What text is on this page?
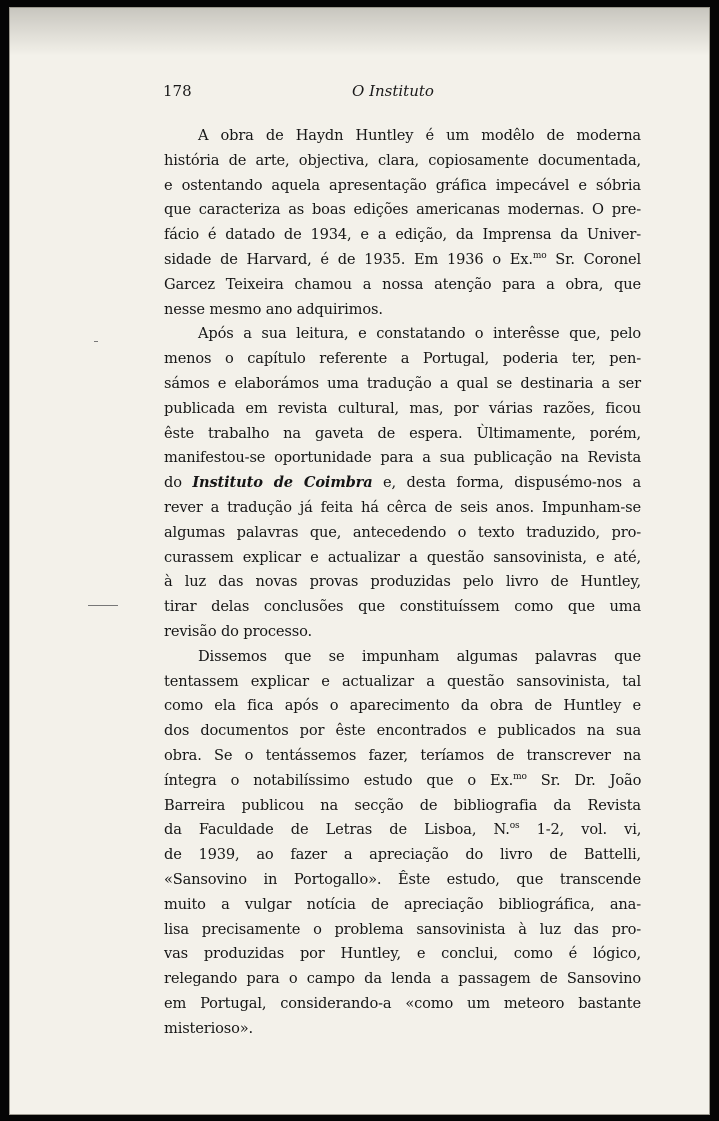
178	O Instituto
A obra de Haydn Huntley é um modêlo de moderna
história de arte, objectiva, clara, copiosamente documentada,
e ostentando aquela apresentação gráfica impecável e sóbria
que caracteriza as boas edições americanas modernas. O pre-
fácio é datado de 1934, e a edição, da Imprensa da Univer-
sidade de Harvard, é de 1935. Em 1936 o Ex.$^{mo}$ Sr. Coronel
Garcez Teixeira chamou a nossa atenção para a obra, que
nesse mesmo ano adquirimos.
Após a sua leitura, e constatando o interêsse que, pelo
menos o capítulo referente a Portugal, poderia ter, pen-
sámos e elaborámos uma tradução a qual se destinaria a ser
publicada em revista cultural, mas, por várias razões, ficou
êste trabalho na gaveta de espera. Ùltimamente, porém,
manifestou-se oportunidade para a sua publicação na Revista
do Instituto de Coimbra e, desta forma, dispusémo-nos a
rever a tradução já feita há cêrca de seis anos. Impunham-se
algumas palavras que, antecedendo o texto traduzido, pro-
curassem explicar e actualizar a questão sansovinista, e até,
à luz das novas provas produzidas pelo livro de Huntley,
tirar delas conclusões que constituíssem como que uma
revisão do processo.
Dissemos que se impunham algumas palavras que
tentassem explicar e actualizar a questão sansovinista, tal
como ela fica após o aparecimento da obra de Huntley e
dos documentos por êste encontrados e publicados na sua
obra. Se o tentássemos fazer, teríamos de transcrever na
íntegra o notabilíssimo estudo que o Ex.$^{mo}$ Sr. Dr. João
Barreira publicou na secção de bibliografia da Revista
da Faculdade de Letras de Lisboa, N.$^{os}$ 1-2, vol. vi,
de 1939, ao fazer a apreciação do livro de Battelli,
«Sansovino in Portogallo». Êste estudo, que transcende
muito a vulgar notícia de apreciação bibliográfica, ana-
lisa precisamente o problema sansovinista à luz das pro-
vas produzidas por Huntley, e conclui, como é lógico,
relegando para o campo da lenda a passagem de Sansovino
em Portugal, considerando-a «como um meteoro bastante
misterioso».
